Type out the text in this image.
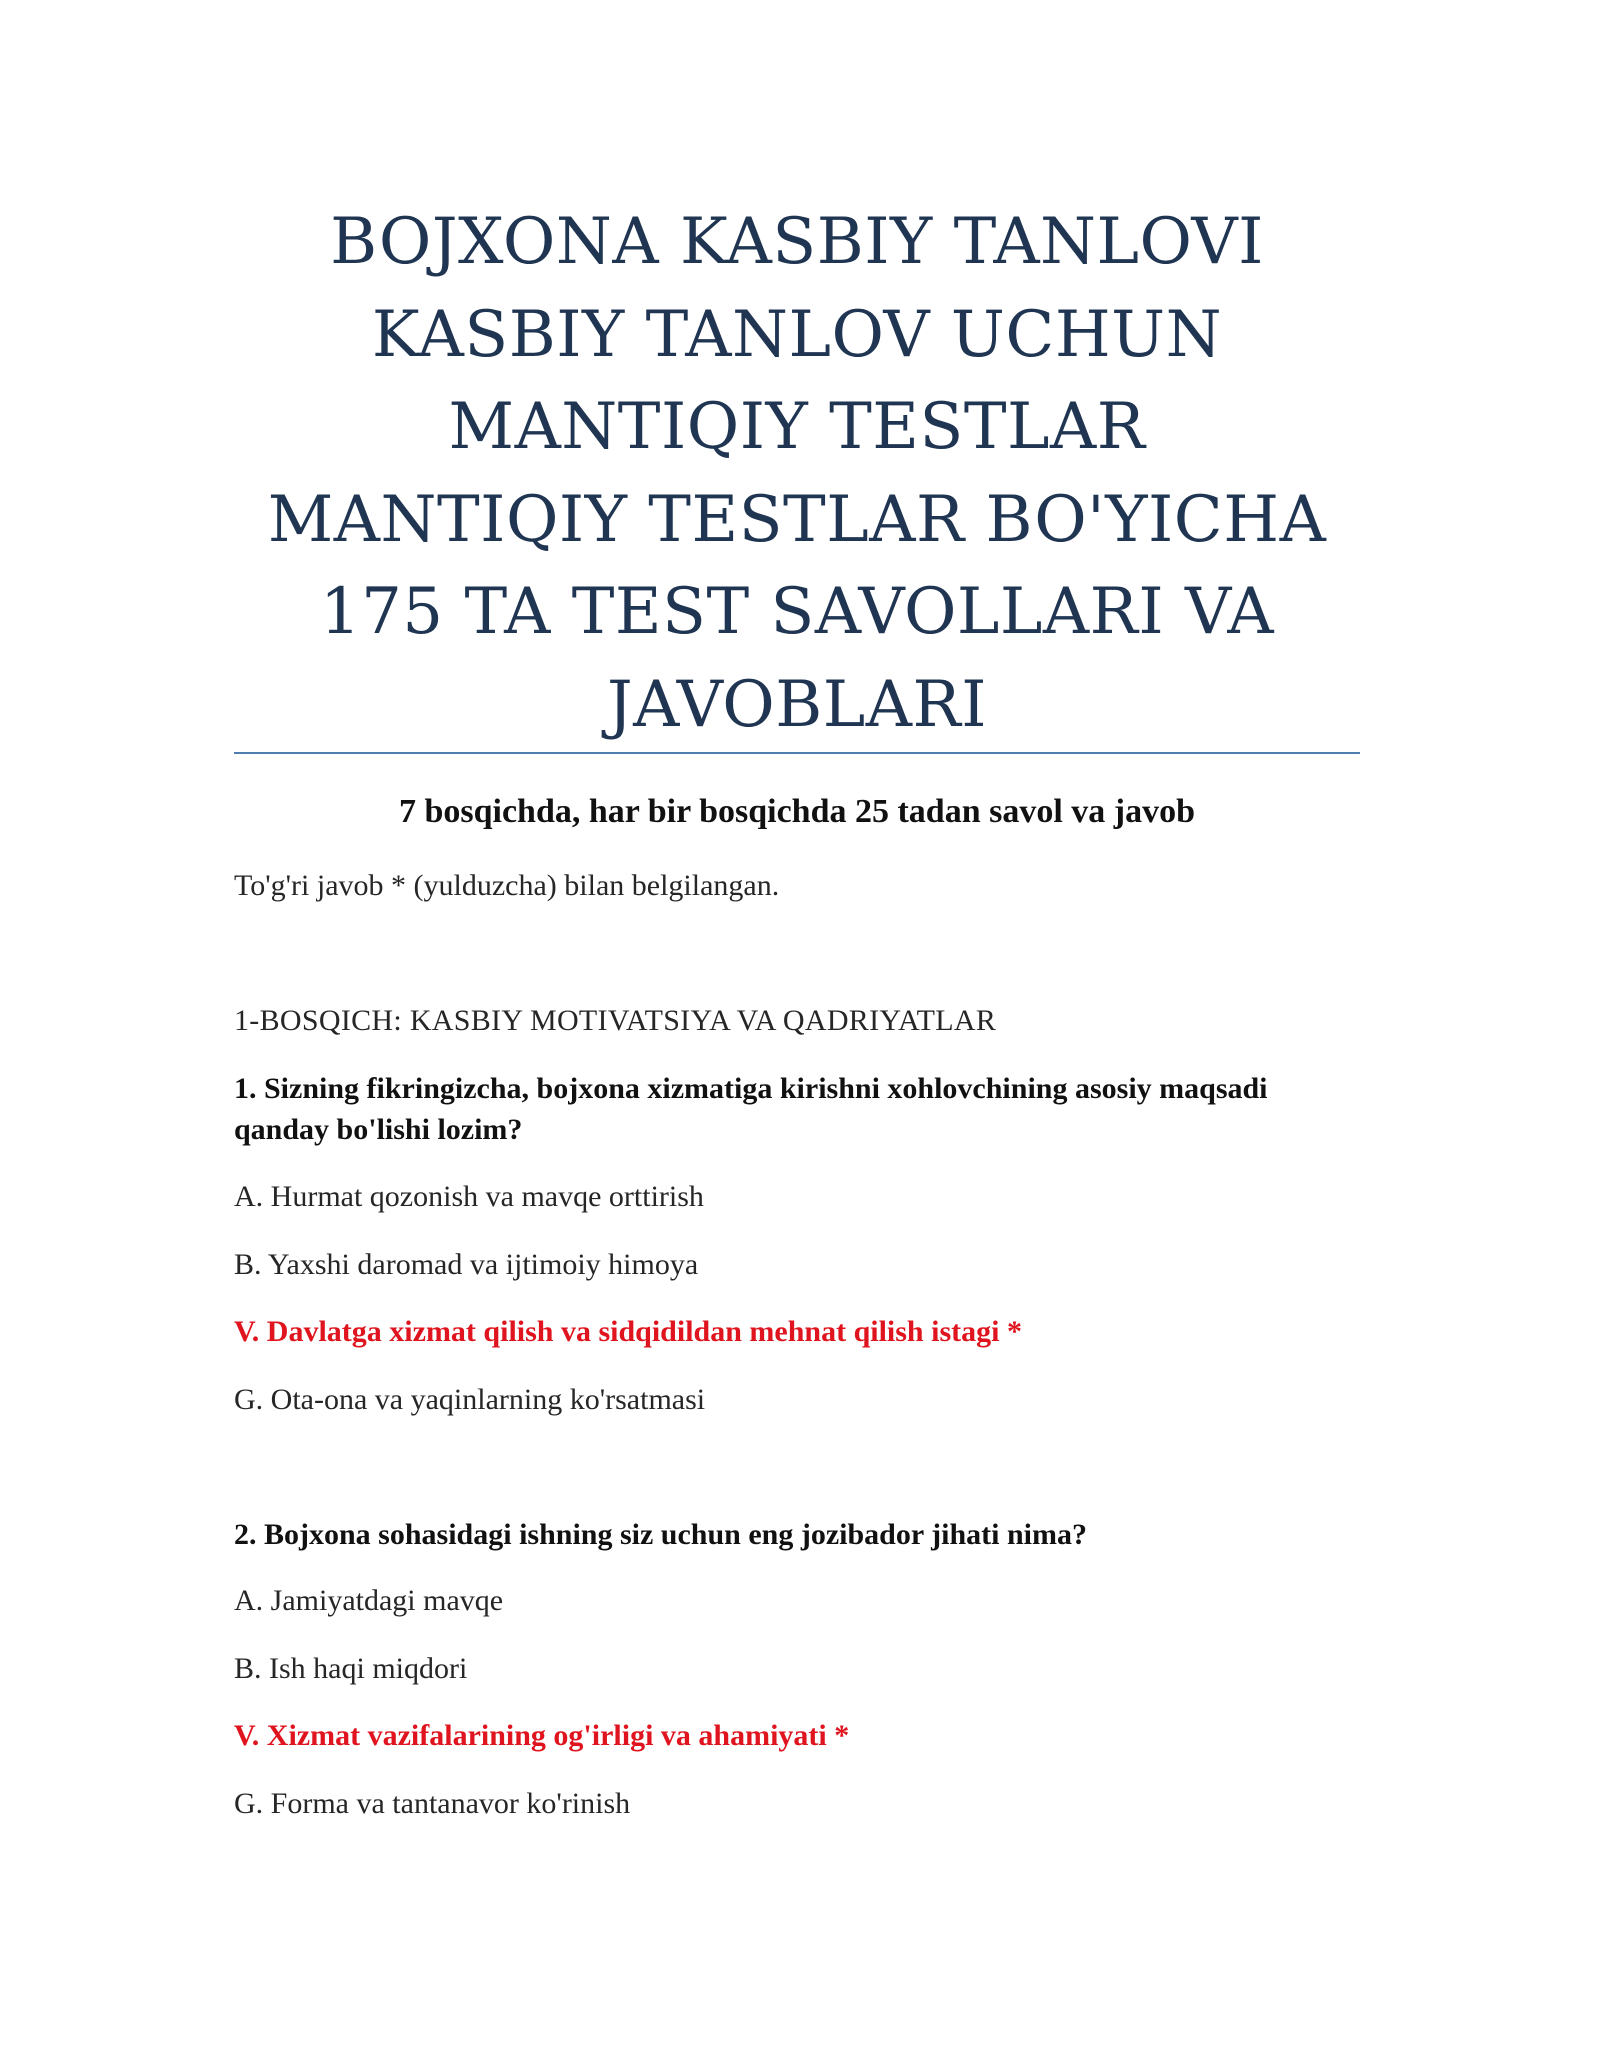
BOJXONA KASBIY TANLOVI
KASBIY TANLOV UCHUN
MANTIQIY TESTLAR
MANTIQIY TESTLAR BO'YICHA
175 TA TEST SAVOLLARI VA
JAVOBLARI
7 bosqichda, har bir bosqichda 25 tadan savol va javob
To'g'ri javob * (yulduzcha) bilan belgilangan.
1-BOSQICH: KASBIY MOTIVATSIYA VA QADRIYATLAR
1. Sizning fikringizcha, bojxona xizmatiga kirishni xohlovchining asosiy maqsadi qanday bo'lishi lozim?
A. Hurmat qozonish va mavqe orttirish
B. Yaxshi daromad va ijtimoiy himoya
V. Davlatga xizmat qilish va sidqidildan mehnat qilish istagi *
G. Ota-ona va yaqinlarning ko'rsatmasi
2. Bojxona sohasidagi ishning siz uchun eng jozibador jihati nima?
A. Jamiyatdagi mavqe
B. Ish haqi miqdori
V. Xizmat vazifalarining og'irligi va ahamiyati *
G. Forma va tantanavor ko'rinish
